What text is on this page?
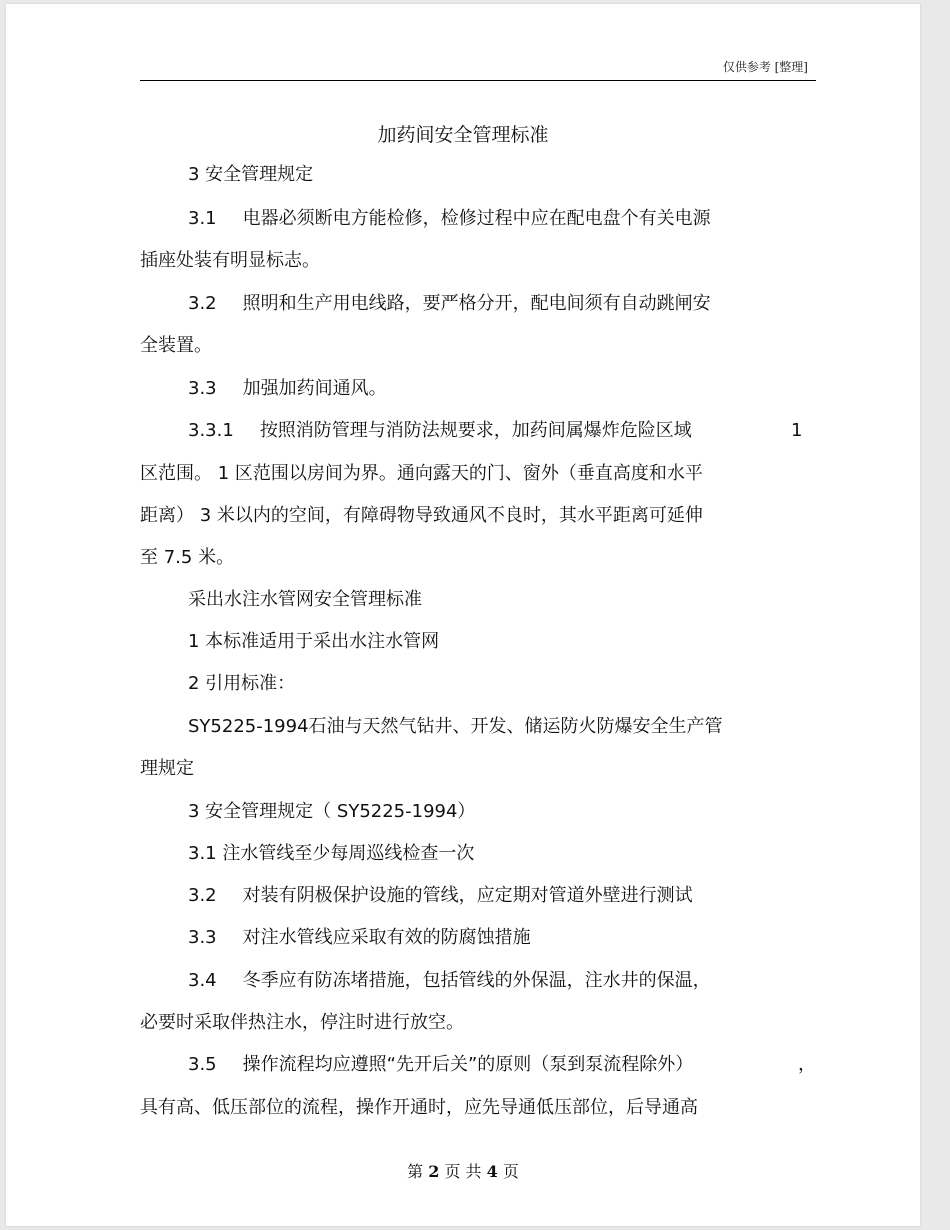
仅供参考 [整理]
加药间安全管理标准
3 安全管理规定
3.1 电器必须断电方能检修，检修过程中应在配电盘个有关电源
插座处装有明显标志。
3.2 照明和生产用电线路，要严格分开，配电间须有自动跳闸安
全装置。
3.3 加强加药间通风。
3.3.1 按照消防管理与消防法规要求，加药间属爆炸危险区域	1
区范围。 1 区范围以房间为界。通向露天的门、窗外（垂直高度和水平
距离） 3 米以内的空间，有障碍物导致通风不良时，其水平距离可延伸
至 7.5 米。
采出水注水管网安全管理标准
1 本标准适用于采出水注水管网
2 引用标准：
SY5225-1994石油与天然气钻井、开发、储运防火防爆安全生产管
理规定
3 安全管理规定（ SY5225-1994）
3.1 注水管线至少每周巡线检查一次
3.2 对装有阴极保护设施的管线，应定期对管道外壁进行测试
3.3 对注水管线应采取有效的防腐蚀措施
3.4 冬季应有防冻堵措施，包括管线的外保温，注水井的保温，
必要时采取伴热注水，停注时进行放空。
3.5 操作流程均应遵照“先开后关”的原则（泵到泵流程除外）	，
具有高、低压部位的流程，操作开通时，应先导通低压部位，后导通高
第 2 页 共 4 页
